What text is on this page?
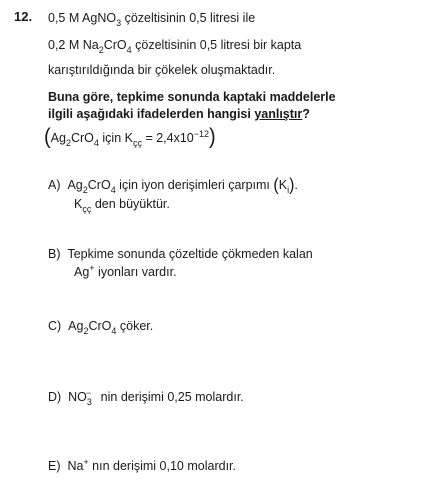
12. 0,5 M AgNO$_3$ çözeltisinin 0,5 litresi ile
0,2 M $Na_2CrO_4$ çözeltisinin 0,5 litresi bir kapta
karıştırıldığında bir çökelek oluşmaktadır.
Buna göre, tepkime sonunda kaptaki maddelerle
ilgili aşağıdaki ifadelerden hangisi yanlıştır?
($Ag_2CrO_4$ için $K_{çç} = 2,4x10^{-12}$)
A) $Ag_2CrO_4$ için iyon derişimleri çarpımı $(K_i)$.
$K_{çç}$ den büyüktür.
B) Tepkime sonunda çözeltide çökmeden kalan
Ag+ iyonları vardır.
C) $Ag_2CrO_4$ çöker.
D) $NO_3^-$ nin derişimi 0,25 molardır.
E) Na+ nın derişimi 0,10 molardır.
